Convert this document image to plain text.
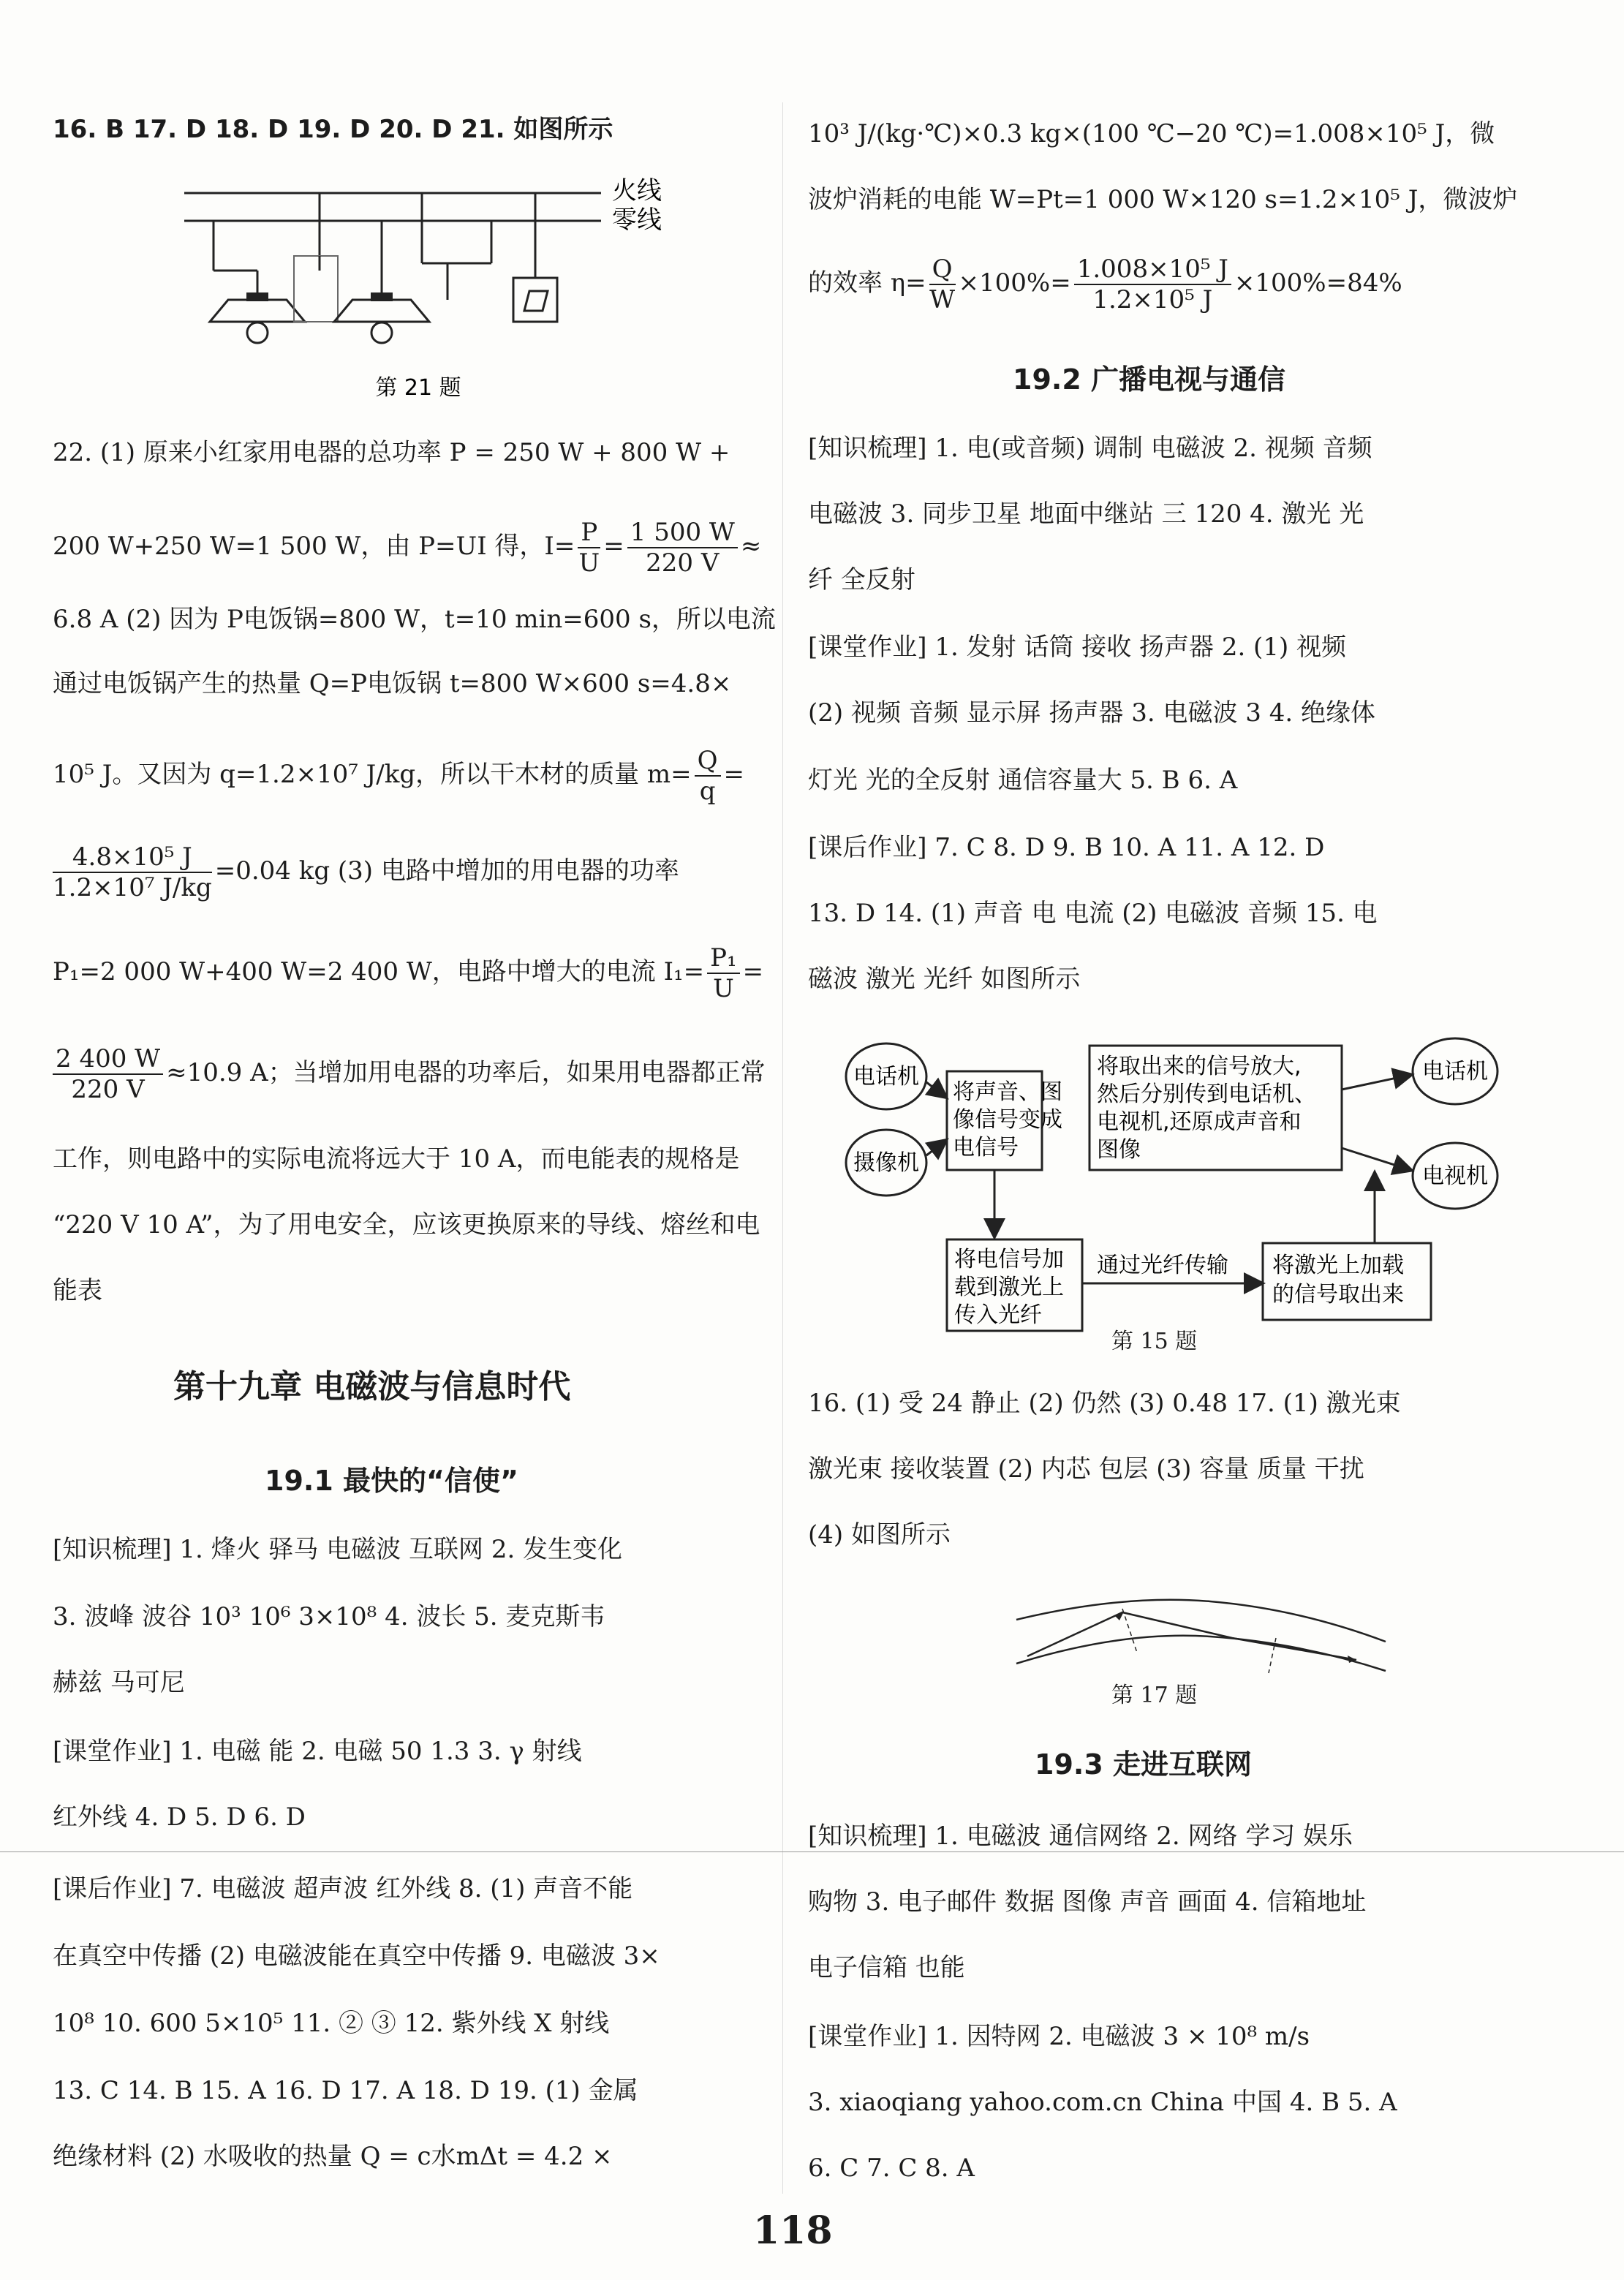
16. B 17. D 18. D 19. D 20. D 21. 如图所示
火线
零线
第 21 题
22. (1) 原来小红家用电器的总功率 P = 250 W + 800 W +
200 W+250 W=1 500 W，由 P=UI 得，$I= \frac{P}{U} = \frac{1 500 W}{220 V}$ ≈
6.8 A (2) 因为 P电饭锅=800 W，t=10 min=600 s，所以电流
通过电饭锅产生的热量 Q=P电饭锅 t=800 W×600 s=4.8×
10⁵ J。又因为 q=1.2×10⁷ J/kg，所以干木材的质量 $m= \frac{Q}{q}$ =
$\frac{\text{4.8×10⁵ J}}{\text{1.2×10⁷ J/kg}} =0.04$ kg (3) 电路中增加的用电器的功率
P₁=2 000 W+400 W=2 400 W，电路中增大的电流 $I_1= \frac{\text{P₁}}{U}$ =
$\frac{2 400 W}{220 V} \approx 10.9$ A；当增加用电器的功率后，如果用电器都正常
工作，则电路中的实际电流将远大于 10 A，而电能表的规格是
“220 V 10 A”，为了用电安全，应该更换原来的导线、熔丝和电
能表
第十九章 电磁波与信息时代
19.1 最快的“信使”
[知识梳理] 1. 烽火 驿马 电磁波 互联网 2. 发生变化
3. 波峰 波谷 10³ 10⁶ 3×10⁸ 4. 波长 5. 麦克斯韦
赫兹 马可尼
[课堂作业] 1. 电磁 能 2. 电磁 50 1.3 3. γ 射线
红外线 4. D 5. D 6. D
[课后作业] 7. 电磁波 超声波 红外线 8. (1) 声音不能
在真空中传播 (2) 电磁波能在真空中传播 9. 电磁波 3×
10⁸ 10. 600 5×10⁵ 11. ② ③ 12. 紫外线 X 射线
13. C 14. B 15. A 16. D 17. A 18. D 19. (1) 金属
绝缘材料 (2) 水吸收的热量 Q = c水mΔt = 4.2 ×
10³ J/(kg·℃)×0.3 kg×(100 ℃−20 ℃)=1.008×10⁵ J，微
波炉消耗的电能 W=Pt=1 000 W×120 s=1.2×10⁵ J，微波炉
的效率 $\eta= \frac{Q}{W} \times 100\%= \frac{\text{1.008×10⁵ J}}{\text{1.2×10⁵ J}} \times 100\%=84\%$
19.2 广播电视与通信
[知识梳理] 1. 电(或音频) 调制 电磁波 2. 视频 音频
电磁波 3. 同步卫星 地面中继站 三 120 4. 激光 光
纤 全反射
[课堂作业] 1. 发射 话筒 接收 扬声器 2. (1) 视频
(2) 视频 音频 显示屏 扬声器 3. 电磁波 3 4. 绝缘体
灯光 光的全反射 通信容量大 5. B 6. A
[课后作业] 7. C 8. D 9. B 10. A 11. A 12. D
13. D 14. (1) 声音 电 电流 (2) 电磁波 音频 15. 电
磁波 激光 光纤 如图所示
电话机
摄像机
将声音、图
像信号变成
电信号
将取出来的信号放大,
然后分别传到电话机、
电视机,还原成声音和
图像
电话机
电视机
将电信号加
载到激光上
传入光纤
通过光纤传输 将激光上加载
的信号取出来
第 15 题
16. (1) 受 24 静止 (2) 仍然 (3) 0.48 17. (1) 激光束
激光束 接收装置 (2) 内芯 包层 (3) 容量 质量 干扰
(4) 如图所示
第 17 题
19.3 走进互联网
[知识梳理] 1. 电磁波 通信网络 2. 网络 学习 娱乐
购物 3. 电子邮件 数据 图像 声音 画面 4. 信箱地址
电子信箱 也能
[课堂作业] 1. 因特网 2. 电磁波 3 × 10⁸ m/s
3. xiaoqiang yahoo.com.cn China 中国 4. B 5. A
6. C 7. C 8. A
118
